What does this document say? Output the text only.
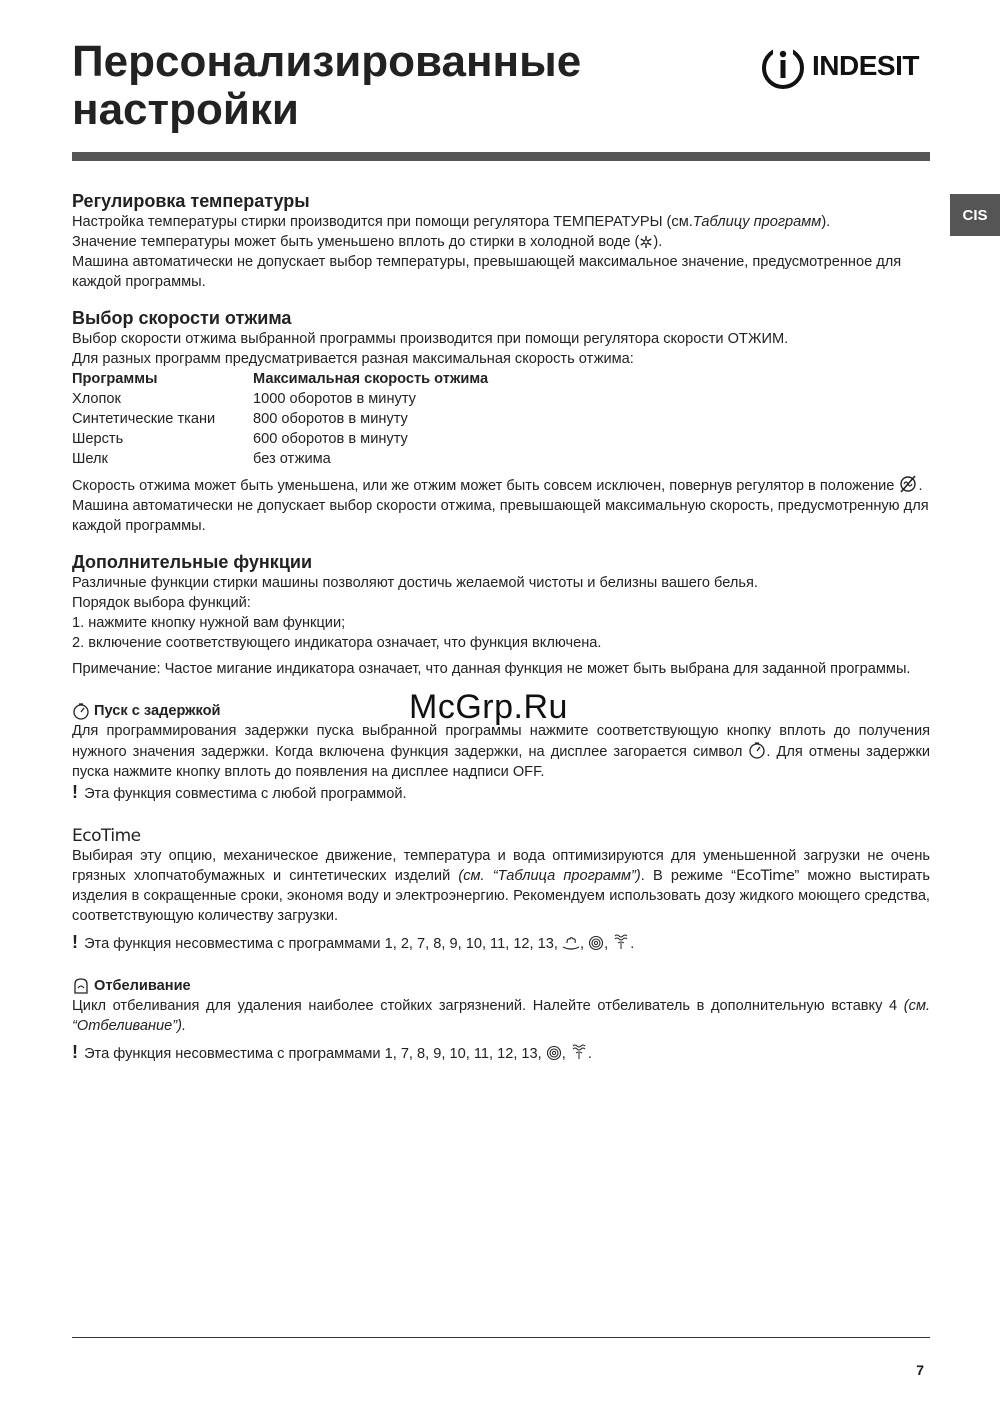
Персонализированные
настройки
INDESIT
CIS
Регулировка температуры

Настройка температуры стирки производится при помощи регулятора ТЕМПЕРАТУРЫ (см.Таблицу программ).

Значение температуры может быть уменьшено вплоть до стирки в холодной воде ( ).

Машина автоматически не допускает выбор температуры, превышающей максимальное значение, предусмотренное для каждой программы.

Выбор скорости отжима

Выбор скорости отжима выбранной программы производится при помощи регулятора скорости ОТЖИМ.

Для разных программ предусматривается разная максимальная скорость отжима:

Программы	Максимальная скорость отжима
Хлопок	1000 оборотов в минуту
Синтетические ткани	800 оборотов в минуту
Шерсть	600 оборотов в минуту
Шелк	без отжима

Скорость отжима может быть уменьшена, или же отжим может быть совсем исключен, повернув регулятор в положение .

Машина автоматически не допускает выбор скорости отжима, превышающей максимальную скорость, предусмотренную для каждой программы.

Дополнительные функции

Различные функции стирки машины позволяют достичь желаемой чистоты и белизны вашего белья.

Порядок выбора функций:

1. нажмите кнопку нужной вам функции;

2. включение соответствующего индикатора означает, что функция включена.

Примечание: Частое мигание индикатора означает, что данная функция не может быть выбрана для заданной программы.

Пуск с задержкой

Для программирования задержки пуска выбранной программы нажмите соответствующую кнопку вплоть до получения нужного значения задержки. Когда включена функция задержки, на дисплее загорается символ . Для отмены задержки пуска нажмите кнопку вплоть до появления на дисплее надписи OFF.

! Эта функция совместима с любой программой.

EcoTime

Выбирая эту опцию, механическое движение, температура и вода оптимизируются для уменьшенной загрузки не очень грязных хлопчатобумажных и синтетических изделий (см. “Таблица программ”). В режиме “EcoTime” можно выстирать изделия в сокращенные сроки, экономя воду и электроэнергию. Рекомендуем использовать дозу жидкого моющего средства, соответствующую количеству загрузки.

! Эта функция несовместима с программами 1, 2, 7, 8, 9, 10, 11, 12, 13, , , .

Отбеливание

Цикл отбеливания для удаления наиболее стойких загрязнений. Налейте отбеливатель в дополнительную вставку 4 (см. “Отбеливание”).

! Эта функция несовместима с программами 1, 7, 8, 9, 10, 11, 12, 13, , .

McGrp.Ru
7
